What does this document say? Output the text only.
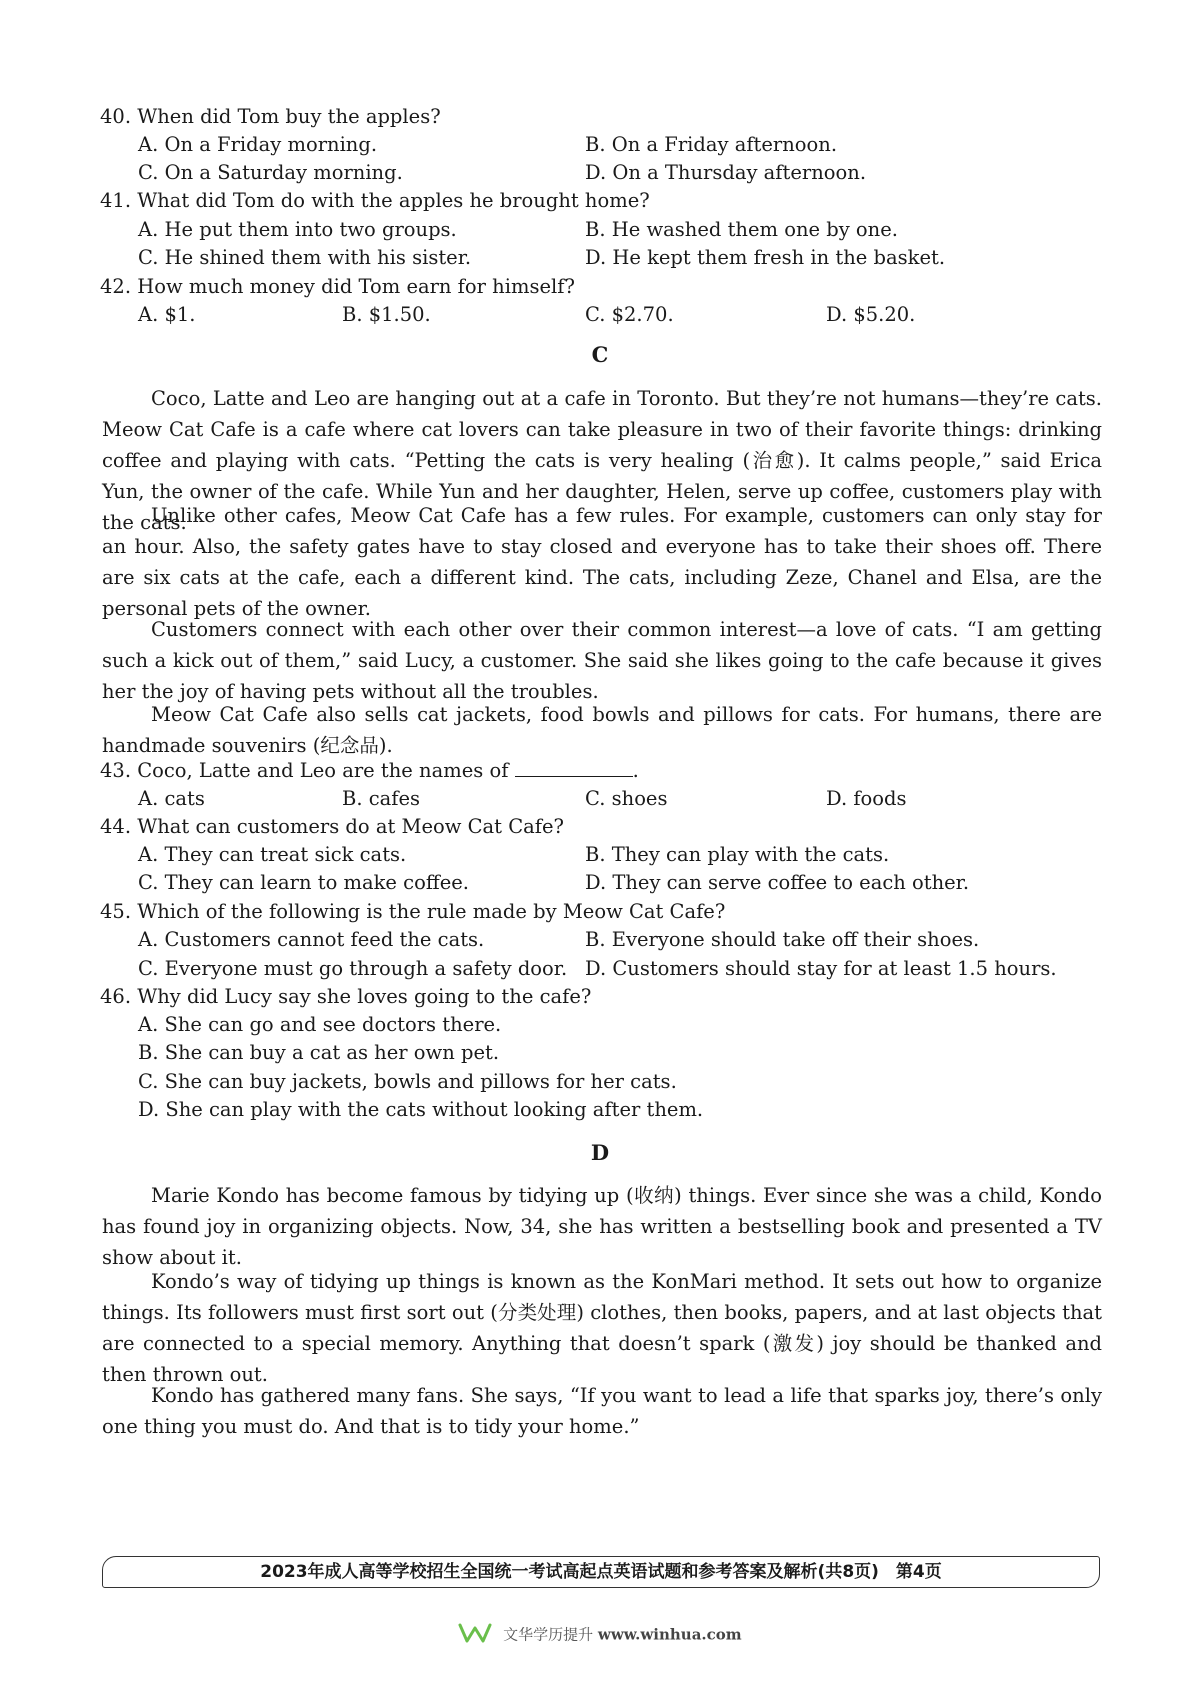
40. When did Tom buy the apples?
A. On a Friday morning.	B. On a Friday afternoon.
C. On a Saturday morning.	D. On a Thursday afternoon.
41. What did Tom do with the apples he brought home?
A. He put them into two groups.	B. He washed them one by one.
C. He shined them with his sister.	D. He kept them fresh in the basket.
42. How much money did Tom earn for himself?
A. $1.	B. $1.50.	C. $2.70.	D. $5.20.
C
Coco, Latte and Leo are hanging out at a cafe in Toronto. But they’re not humans—they’re cats. Meow Cat Cafe is a cafe where cat lovers can take pleasure in two of their favorite things: drinking coffee and playing with cats. “Petting the cats is very healing (治愈). It calms people,” said Erica Yun, the owner of the cafe. While Yun and her daughter, Helen, serve up coffee, customers play with the cats.
Unlike other cafes, Meow Cat Cafe has a few rules. For example, customers can only stay for an hour. Also, the safety gates have to stay closed and everyone has to take their shoes off. There are six cats at the cafe, each a different kind. The cats, including Zeze, Chanel and Elsa, are the personal pets of the owner.
Customers connect with each other over their common interest—a love of cats. “I am getting such a kick out of them,” said Lucy, a customer. She said she likes going to the cafe because it gives her the joy of having pets without all the troubles.
Meow Cat Cafe also sells cat jackets, food bowls and pillows for cats. For humans, there are handmade souvenirs (纪念品).
43. Coco, Latte and Leo are the names of	.
A. cats	B. cafes	C. shoes	D. foods
44. What can customers do at Meow Cat Cafe?
A. They can treat sick cats.	B. They can play with the cats.
C. They can learn to make coffee.	D. They can serve coffee to each other.
45. Which of the following is the rule made by Meow Cat Cafe?
A. Customers cannot feed the cats.	B. Everyone should take off their shoes.
C. Everyone must go through a safety door. D. Customers should stay for at least 1.5 hours.
46. Why did Lucy say she loves going to the cafe?
A. She can go and see doctors there.
B. She can buy a cat as her own pet.
C. She can buy jackets, bowls and pillows for her cats.
D. She can play with the cats without looking after them.
D
Marie Kondo has become famous by tidying up (收纳) things. Ever since she was a child, Kondo has found joy in organizing objects. Now, 34, she has written a bestselling book and presented a TV show about it.
Kondo’s way of tidying up things is known as the KonMari method. It sets out how to organize things. Its followers must first sort out (分类处理) clothes, then books, papers, and at last objects that are connected to a special memory. Anything that doesn’t spark (激发) joy should be thanked and then thrown out.
Kondo has gathered many fans. She says, “If you want to lead a life that sparks joy, there’s only one thing you must do. And that is to tidy your home.”
2023年成人高等学校招生全国统一考试高起点英语试题和参考答案及解析(共8页)　第4页
文华学历提升 www.winhua.com
